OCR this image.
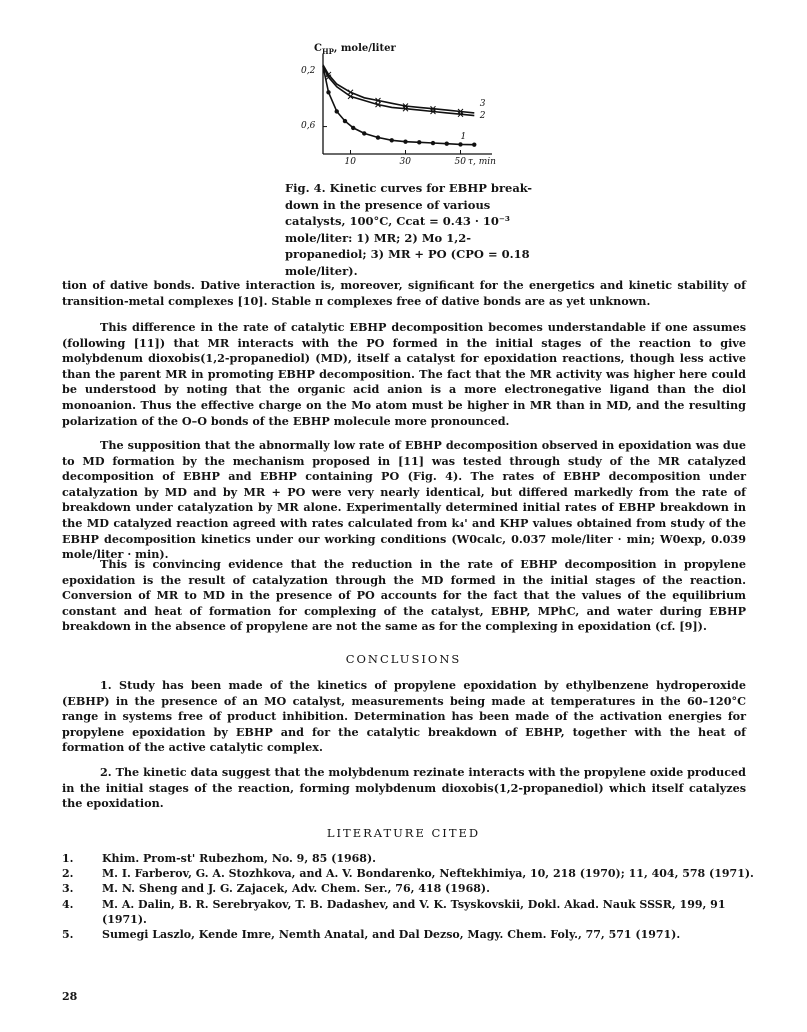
$C_{HP}$, mole/liter
0,6
0,2
10	30	50 τ, min
3
2
1
Fig. 4. Kinetic curves for EBHP break-down in the presence of various catalysts, 100°C, Ccat = 0.43 · 10⁻³ mole/liter: 1) MR; 2) Mo 1,2-propanediol; 3) MR + PO (CPO = 0.18 mole/liter).

tion of dative bonds. Dative interaction is, moreover, significant for the energetics and kinetic stability of transition-metal complexes [10]. Stable π complexes free of dative bonds are as yet unknown.

This difference in the rate of catalytic EBHP decomposition becomes understandable if one assumes (following [11]) that MR interacts with the PO formed in the initial stages of the reaction to give molybdenum dioxobis(1,2-propanediol) (MD), itself a catalyst for epoxidation reactions, though less active than the parent MR in promoting EBHP decomposition. The fact that the MR activity was higher here could be understood by noting that the organic acid anion is a more electronegative ligand than the diol monoanion. Thus the effective charge on the Mo atom must be higher in MR than in MD, and the resulting polarization of the O–O bonds of the EBHP molecule more pronounced.

The supposition that the abnormally low rate of EBHP decomposition observed in epoxidation was due to MD formation by the mechanism proposed in [11] was tested through study of the MR catalyzed decomposition of EBHP and EBHP containing PO (Fig. 4). The rates of EBHP decomposition under catalyzation by MD and by MR + PO were very nearly identical, but differed markedly from the rate of breakdown under catalyzation by MR alone. Experimentally determined initial rates of EBHP breakdown in the MD catalyzed reaction agreed with rates calculated from k₄' and KHP values obtained from study of the EBHP decomposition kinetics under our working conditions (W0calc, 0.037 mole/liter · min; W0exp, 0.039 mole/liter · min).

This is convincing evidence that the reduction in the rate of EBHP decomposition in propylene epoxidation is the result of catalyzation through the MD formed in the initial stages of the reaction. Conversion of MR to MD in the presence of PO accounts for the fact that the values of the equilibrium constant and heat of formation for complexing of the catalyst, EBHP, MPhC, and water during EBHP breakdown in the absence of propylene are not the same as for the complexing in epoxidation (cf. [9]).

CONCLUSIONS

1. Study has been made of the kinetics of propylene epoxidation by ethylbenzene hydroperoxide (EBHP) in the presence of an MO catalyst, measurements being made at temperatures in the 60–120°C range in systems free of product inhibition. Determination has been made of the activation energies for propylene epoxidation by EBHP and for the catalytic breakdown of EBHP, together with the heat of formation of the active catalytic complex.

2. The kinetic data suggest that the molybdenum rezinate interacts with the propylene oxide produced in the initial stages of the reaction, forming molybdenum dioxobis(1,2-propanediol) which itself catalyzes the epoxidation.

LITERATURE CITED
1.	Khim. Prom-st' Rubezhom, No. 9, 85 (1968).
2.	M. I. Farberov, G. A. Stozhkova, and A. V. Bondarenko, Neftekhimiya, 10, 218 (1970); 11, 404, 578 (1971).
3.	M. N. Sheng and J. G. Zajacek, Adv. Chem. Ser., 76, 418 (1968).
4.	M. A. Dalin, B. R. Serebryakov, T. B. Dadashev, and V. K. Tsyskovskii, Dokl. Akad. Nauk SSSR, 199, 91 (1971).
5.	Sumegi Laszlo, Kende Imre, Nemth Anatal, and Dal Dezso, Magy. Chem. Foly., 77, 571 (1971).
28
